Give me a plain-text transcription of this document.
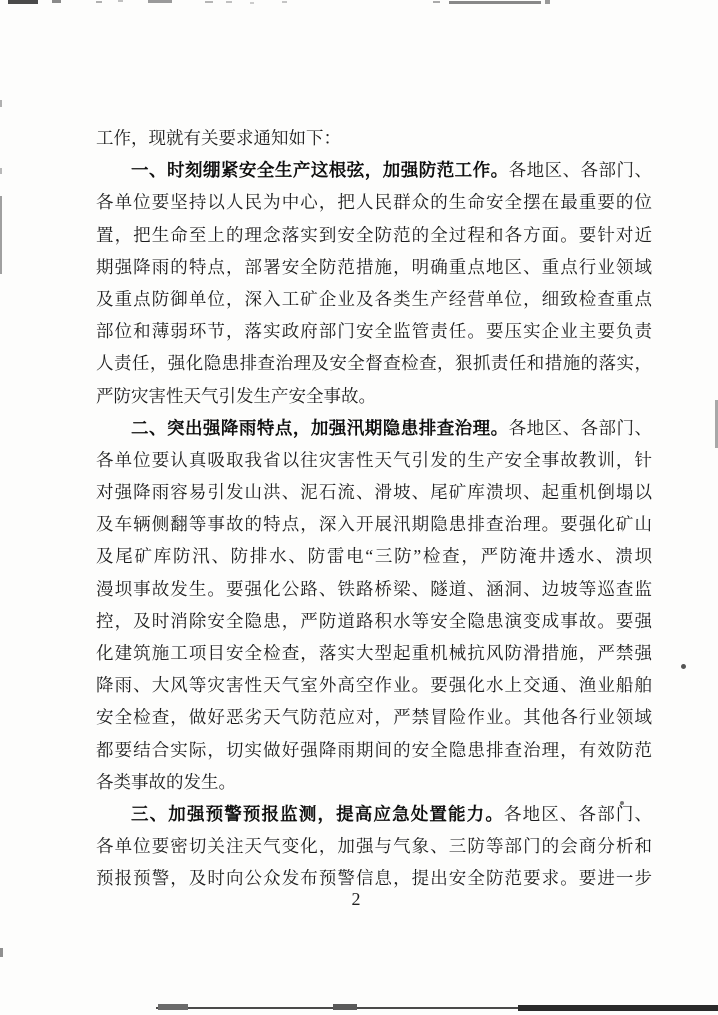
工作，现就有关要求通知如下：
一、时刻绷紧安全生产这根弦，加强防范工作。各地区、各部门、
各单位要坚持以人民为中心，把人民群众的生命安全摆在最重要的位
置，把生命至上的理念落实到安全防范的全过程和各方面。要针对近
期强降雨的特点，部署安全防范措施，明确重点地区、重点行业领域
及重点防御单位，深入工矿企业及各类生产经营单位，细致检查重点
部位和薄弱环节，落实政府部门安全监管责任。要压实企业主要负责
人责任，强化隐患排查治理及安全督查检查，狠抓责任和措施的落实，
严防灾害性天气引发生产安全事故。
二、突出强降雨特点，加强汛期隐患排查治理。各地区、各部门、
各单位要认真吸取我省以往灾害性天气引发的生产安全事故教训，针
对强降雨容易引发山洪、泥石流、滑坡、尾矿库溃坝、起重机倒塌以
及车辆侧翻等事故的特点，深入开展汛期隐患排查治理。要强化矿山
及尾矿库防汛、防排水、防雷电“三防”检查，严防淹井透水、溃坝
漫坝事故发生。要强化公路、铁路桥梁、隧道、涵洞、边坡等巡查监
控，及时消除安全隐患，严防道路积水等安全隐患演变成事故。要强
化建筑施工项目安全检查，落实大型起重机械抗风防滑措施，严禁强
降雨、大风等灾害性天气室外高空作业。要强化水上交通、渔业船舶
安全检查，做好恶劣天气防范应对，严禁冒险作业。其他各行业领域
都要结合实际，切实做好强降雨期间的安全隐患排查治理，有效防范
各类事故的发生。
三、加强预警预报监测，提高应急处置能力。各地区、各部门、
各单位要密切关注天气变化，加强与气象、三防等部门的会商分析和
预报预警，及时向公众发布预警信息，提出安全防范要求。要进一步
2
